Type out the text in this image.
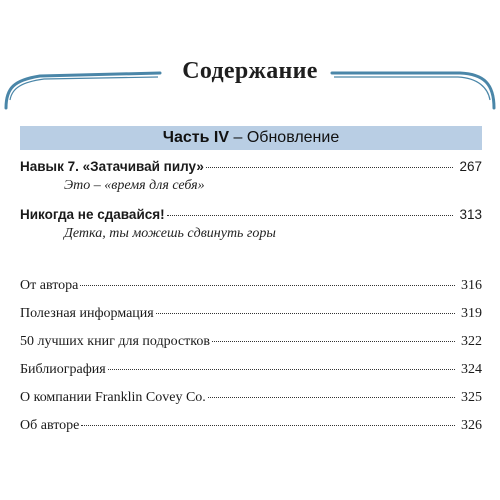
Содержание
Часть IV – Обновление
Навык 7. «Затачивай пилу»	267
Это – «время для себя»
Никогда не сдавайся!	313
Детка, ты можешь сдвинуть горы
От автора	316
Полезная информация	319
50 лучших книг для подростков	322
Библиография	324
О компании Franklin Covey Co.	325
Об авторе	326
